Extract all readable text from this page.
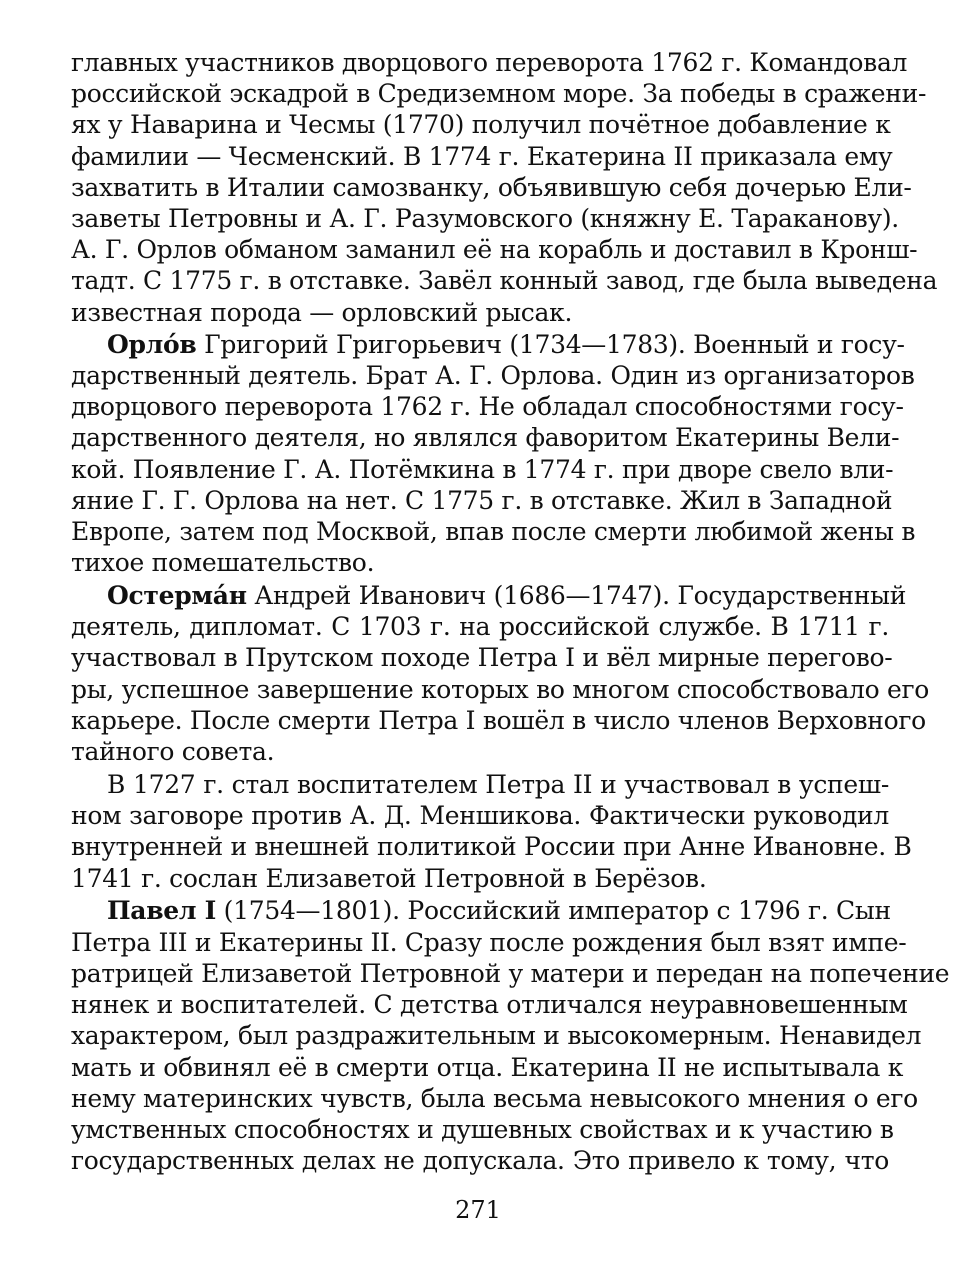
главных участников дворцового переворота 1762 г. Командовал
российской эскадрой в Средиземном море. За победы в сражени-
ях у Наварина и Чесмы (1770) получил почётное добавление к
фамилии — Чесменский. В 1774 г. Екатерина II приказала ему
захватить в Италии самозванку, объявившую себя дочерью Ели-
заветы Петровны и А. Г. Разумовского (княжну Е. Тараканову).
А. Г. Орлов обманом заманил её на корабль и доставил в Кронш-
тадт. С 1775 г. в отставке. Завёл конный завод, где была выведена
известная порода — орловский рысак.
Орло́в Григорий Григорьевич (1734—1783). Военный и госу-
дарственный деятель. Брат А. Г. Орлова. Один из организаторов
дворцового переворота 1762 г. Не обладал способностями госу-
дарственного деятеля, но являлся фаворитом Екатерины Вели-
кой. Появление Г. А. Потёмкина в 1774 г. при дворе свело вли-
яние Г. Г. Орлова на нет. С 1775 г. в отставке. Жил в Западной
Европе, затем под Москвой, впав после смерти любимой жены в
тихое помешательство.
Остерма́н Андрей Иванович (1686—1747). Государственный
деятель, дипломат. С 1703 г. на российской службе. В 1711 г.
участвовал в Прутском походе Петра I и вёл мирные перегово-
ры, успешное завершение которых во многом способствовало его
карьере. После смерти Петра I вошёл в число членов Верховного
тайного совета.
В 1727 г. стал воспитателем Петра II и участвовал в успеш-
ном заговоре против А. Д. Меншикова. Фактически руководил
внутренней и внешней политикой России при Анне Ивановне. В
1741 г. сослан Елизаветой Петровной в Берёзов.
Павел I (1754—1801). Российский император с 1796 г. Сын
Петра III и Екатерины II. Сразу после рождения был взят импе-
ратрицей Елизаветой Петровной у матери и передан на попечение
нянек и воспитателей. С детства отличался неуравновешенным
характером, был раздражительным и высокомерным. Ненавидел
мать и обвинял её в смерти отца. Екатерина II не испытывала к
нему материнских чувств, была весьма невысокого мнения о его
умственных способностях и душевных свойствах и к участию в
государственных делах не допускала. Это привело к тому, что
271
